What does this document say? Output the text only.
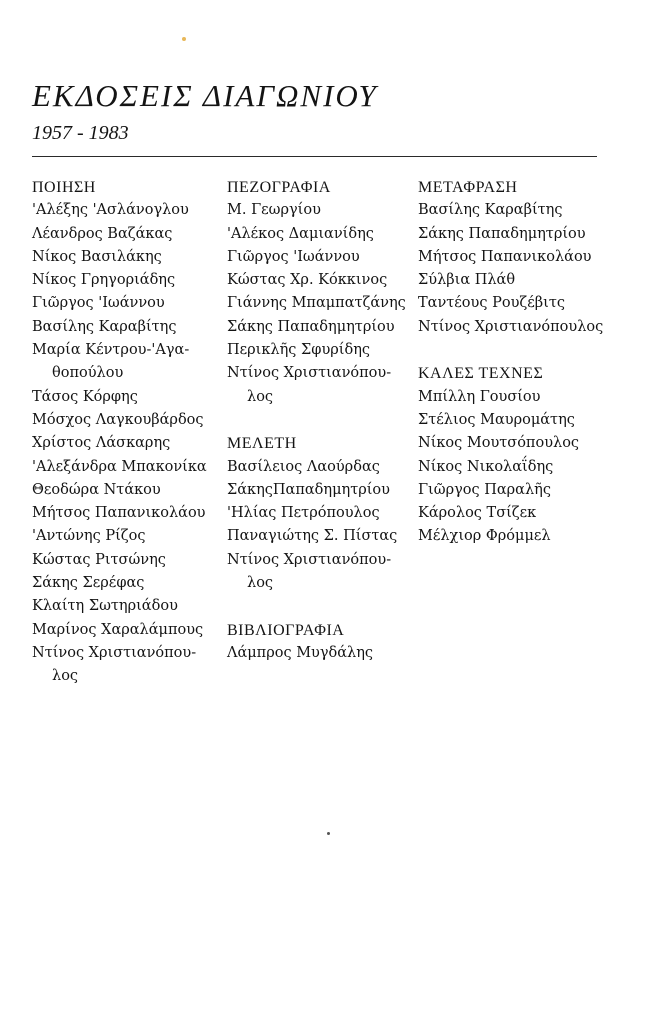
ΕΚΔΟΣΕΙΣ ΔΙΑΓΩΝΙΟΥ
1957 - 1983
ΠΟΙΗΣΗ
'Αλέξης 'Ασλάνογλου
Λέανδρος Βαζάκας
Νίκος Βασιλάκης
Νίκος Γρηγοριάδης
Γιῶργος 'Ιωάννου
Βασίλης Καραβίτης
Μαρία Κέντρου-'Αγα-
θοπούλου
Τάσος Κόρφης
Μόσχος Λαγκουβάρδος
Χρίστος Λάσκαρης
'Αλεξάνδρα Μπακονίκα
Θεοδώρα Ντάκου
Μήτσος Παπανικολάου
'Αντώνης Ρίζος
Κώστας Ριτσώνης
Σάκης Σερέφας
Κλαίτη Σωτηριάδου
Μαρίνος Χαραλάμπους
Ντίνος Χριστιανόπου-
λος
ΠΕΖΟΓΡΑΦΙΑ
Μ. Γεωργίου
'Αλέκος Δαμιανίδης
Γιῶργος 'Ιωάννου
Κώστας Χρ. Κόκκινος
Γιάννης Μπαμπατζάνης
Σάκης Παπαδημητρίου
Περικλῆς Σφυρίδης
Ντίνος Χριστιανόπου-
λος
ΜΕΛΕΤΗ
Βασίλειος Λαούρδας
ΣάκηςΠαπαδημητρίου
'Ηλίας Πετρόπουλος
Παναγιώτης Σ. Πίστας
Ντίνος Χριστιανόπου-
λος
ΒΙΒΛΙΟΓΡΑΦΙΑ
Λάμπρος Μυγδάλης
ΜΕΤΑΦΡΑΣΗ
Βασίλης Καραβίτης
Σάκης Παπαδημητρίου
Μήτσος Παπανικολάου
Σύλβια Πλάθ
Ταντέους Ρουζέβιτς
Ντίνος Χριστιανόπουλος
ΚΑΛΕΣ ΤΕΧΝΕΣ
Μπίλλη Γουσίου
Στέλιος Μαυρομάτης
Νίκος Μουτσόπουλος
Νίκος Νικολαΐδης
Γιῶργος Παραλῆς
Κάρολος Τσίζεκ
Μέλχιορ Φρόμμελ
